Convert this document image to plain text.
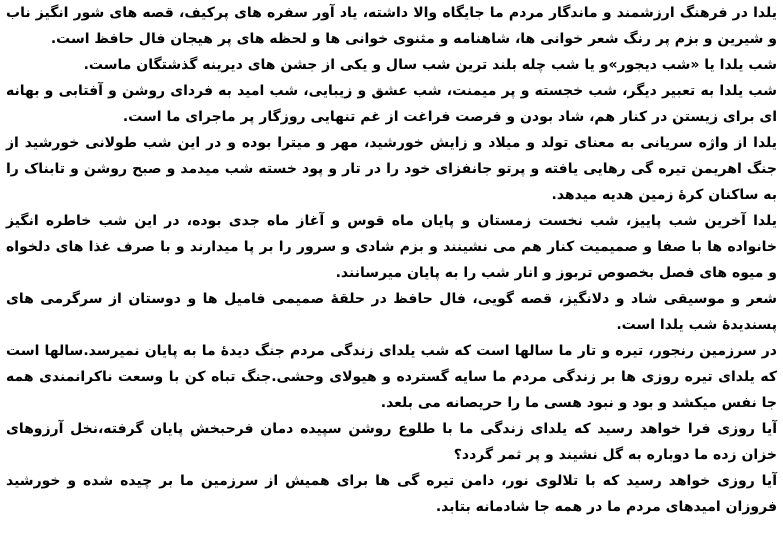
یلدا در فرهنگ ارزشمند و ماندگار مردم ما جایگاه والا داشته، یاد آور سفره های پرکیف، قصه های شور انگیز ناب و شیرین و بزم پر رنگ شعر خوانی ها، شاهنامه و مثنوی خوانی ها و لحظه های پر هیجان فال حافظ است.

شب یلدا یا «شب دیجور»و یا شب چله بلند ترین شب سال و یکی از جشن های دیرینه گذشتگان ماست.

شب یلدا به تعبیر دیگر، شب خجسته و پر میمنت، شب عشق و زیبایی، شب امید به فردای روشن و آفتابی و بهانه ای برای زیستن در کنار هم، شاد بودن و فرصت فراغت از غم تنهایی روزگار پر ماجرای ما است.

یلدا از واژه سریانی به معنای تولد و میلاد و زایش خورشید، مهر و میترا بوده و در این شب طولانی خورشید از جنگ اهریمن تیره گی رهایی یافته و پرتو جانفزای خود را در تار و پود خسته شب میدمد و صبح روشن و تابناک را به ساکنان کرهٔ زمین هدیه میدهد.

یلدا آخرین شب پاییز، شب نخست زمستان و پایان ماه قوس و آغاز ماه جدی بوده، در این شب خاطره انگیز خانواده ها با صفا و صمیمیت کنار هم می نشینند و بزم شادی و سرور را بر پا میدارند و با صرف غذا های دلخواه و میوه های فصل بخصوص تربوز و انار شب را به پایان میرسانند.

شعر و موسیقی شاد و دلانگیز، قصه گویی، فال حافظ در حلقهٔ صمیمی فامیل ها و دوستان از سرگرمی های پسندیدهٔ شب یلدا است.

در سرزمین رنجور، تیره و تار ما سالها است که شب یلدای زندگی مردم جنگ دیدهٔ ما به پایان نمیرسد.سالها است که یلدای تیره روزی ها بر زندگی مردم ما سایه گسترده و هیولای وحشی.جنگ تباه کن با وسعت ناکرانمندی همه جا نفس میکشد و بود و نبود هسی ما را حریصانه می بلعد.

آیا روزی فرا خواهد رسید که یلدای زندگی ما با طلوع روشن سپیده دمان فرحبخش پایان گرفته،نخل آرزوهای خزان زده ما دوباره به گل نشیند و پر ثمر گردد؟

آیا روزی خواهد رسید که با تلالوی نور، دامن تیره گی ها برای همیش از سرزمین ما بر چیده شده و خورشید فروزان امیدهای مردم ما در همه جا شادمانه بتابد.
